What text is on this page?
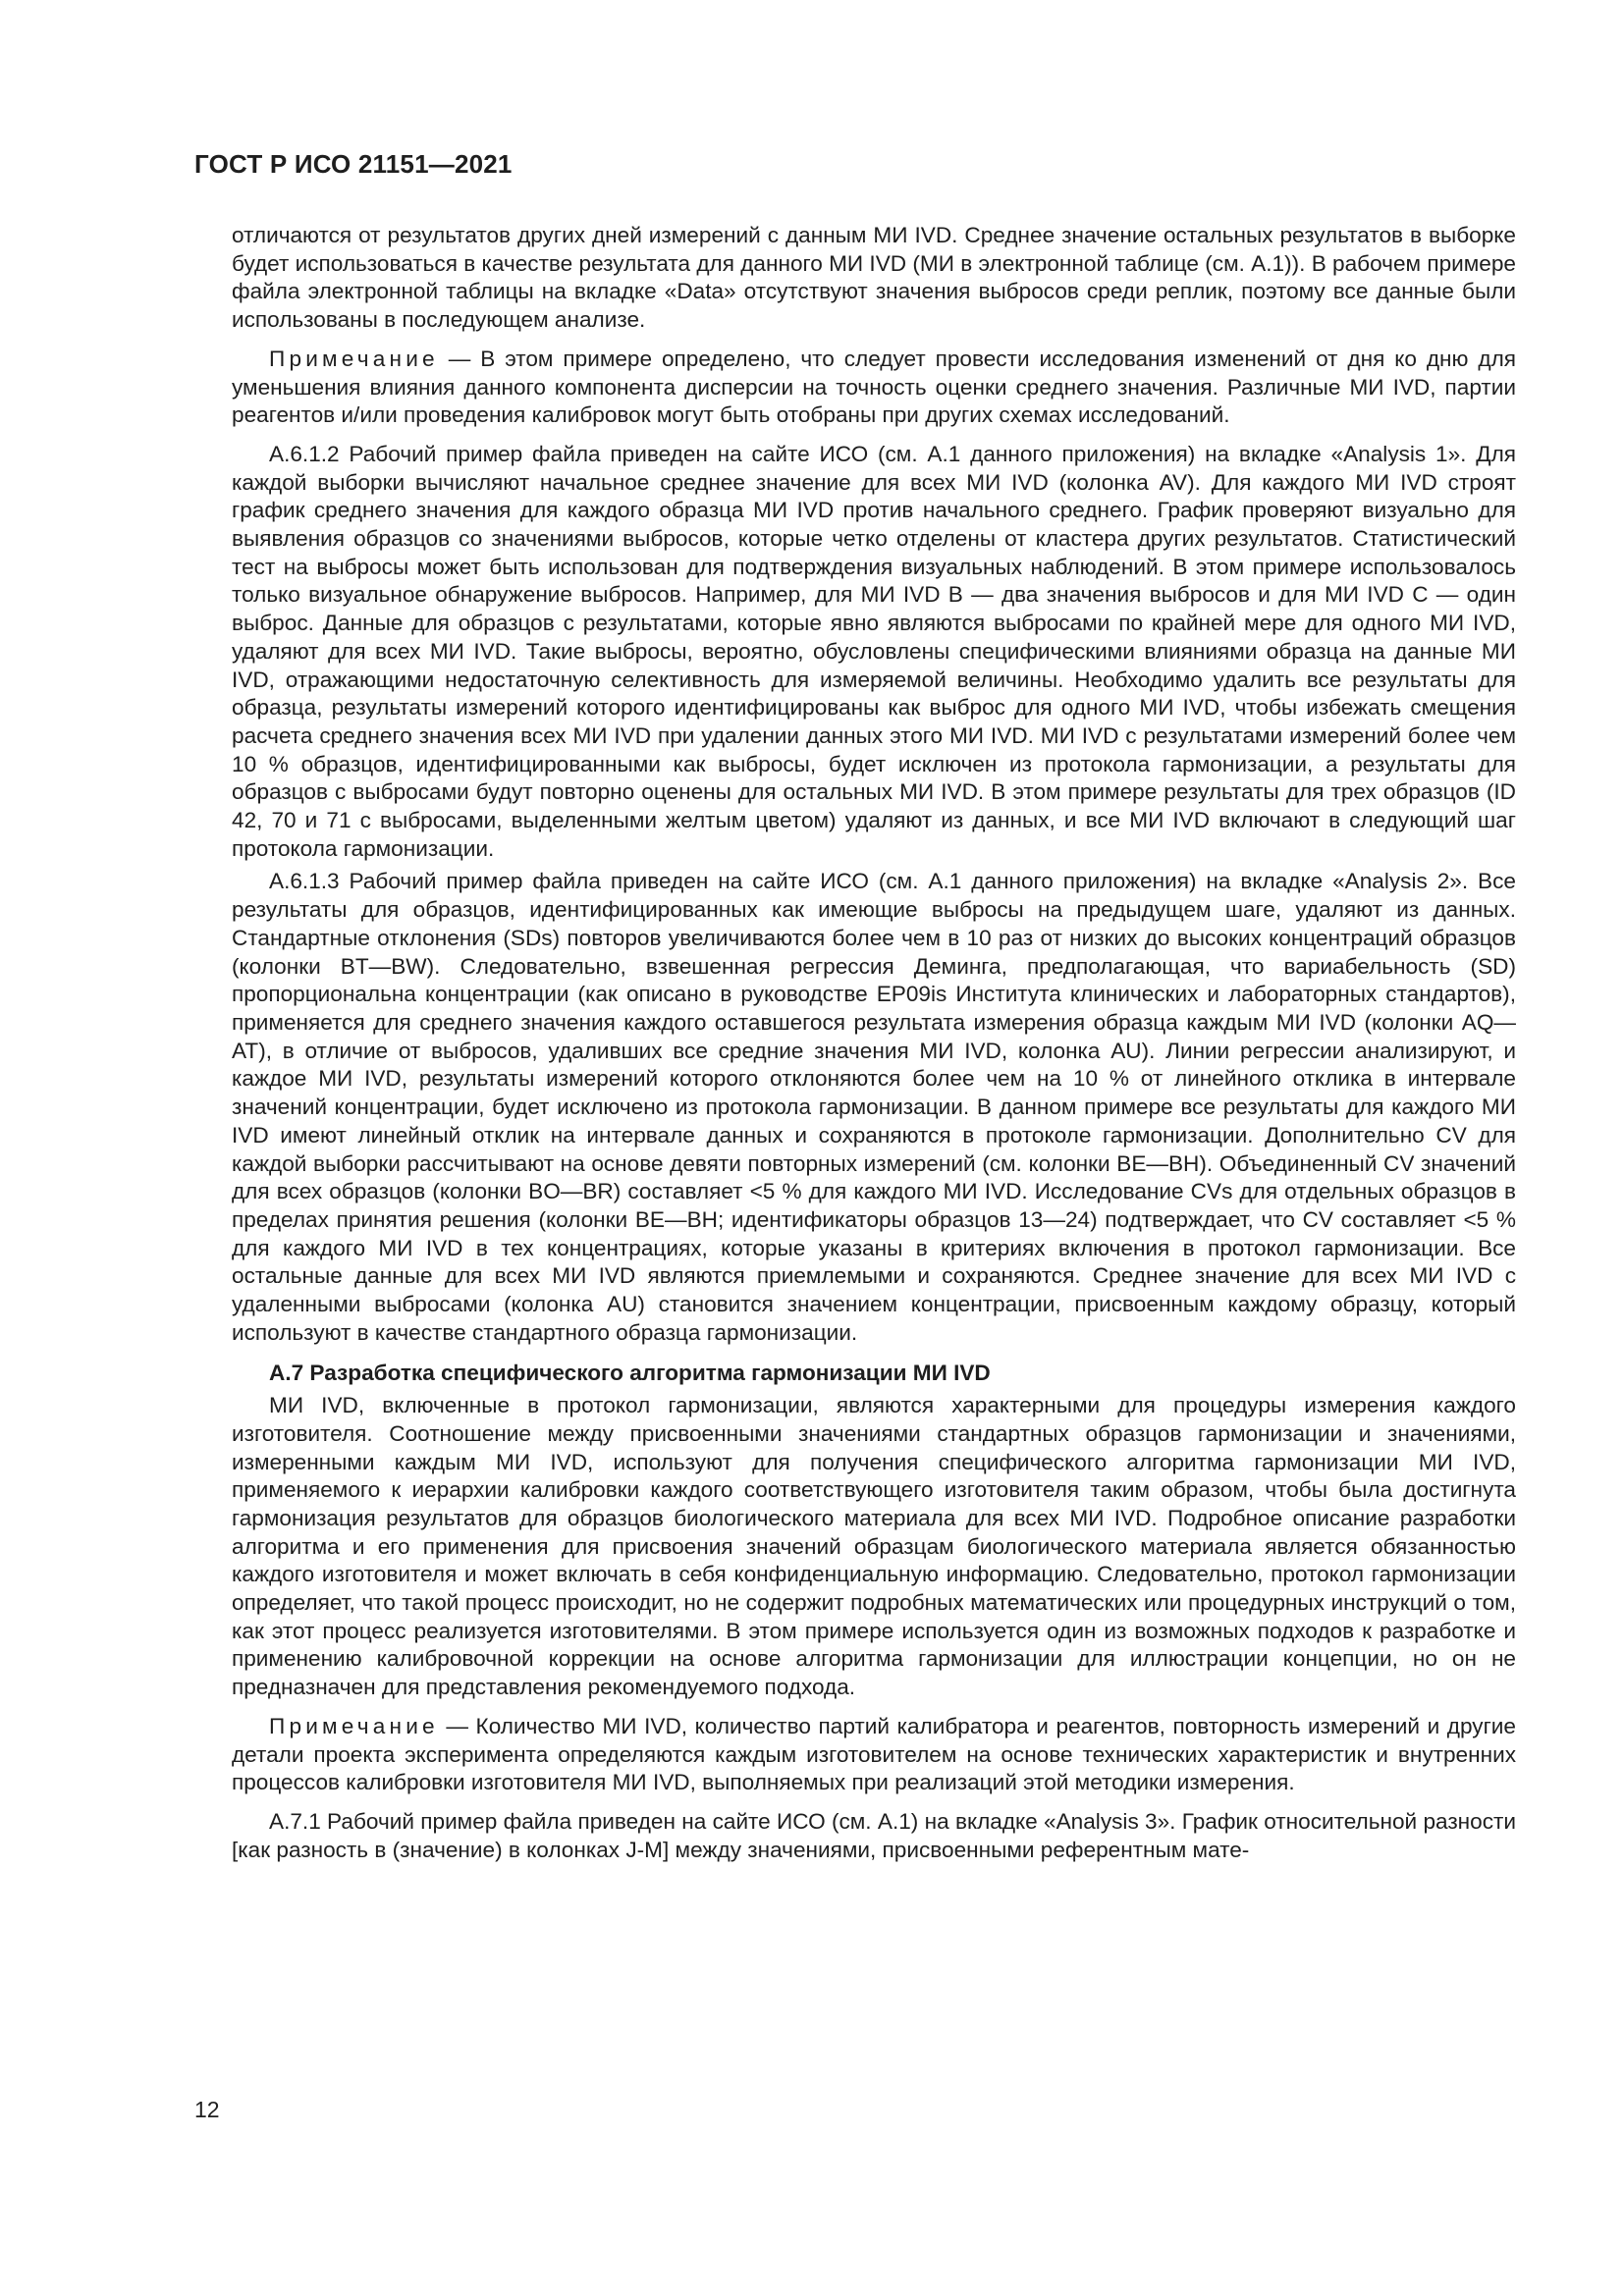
ГОСТ Р ИСО 21151—2021

отличаются от результатов других дней измерений с данным МИ IVD. Среднее значение остальных результатов в выборке будет использоваться в качестве результата для данного МИ IVD (МИ в электронной таблице (см. А.1)). В рабочем примере файла электронной таблицы на вкладке «Data» отсутствуют значения выбросов среди реплик, поэтому все данные были использованы в последующем анализе.

Примечание — В этом примере определено, что следует провести исследования изменений от дня ко дню для уменьшения влияния данного компонента дисперсии на точность оценки среднего значения. Различные МИ IVD, партии реагентов и/или проведения калибровок могут быть отобраны при других схемах исследований.

А.6.1.2 Рабочий пример файла приведен на сайте ИСО (см. А.1 данного приложения) на вкладке «Analysis 1». Для каждой выборки вычисляют начальное среднее значение для всех МИ IVD (колонка AV). Для каждого МИ IVD строят график среднего значения для каждого образца МИ IVD против начального среднего. График проверяют визуально для выявления образцов со значениями выбросов, которые четко отделены от кластера других результатов. Статистический тест на выбросы может быть использован для подтверждения визуальных наблюдений. В этом примере использовалось только визуальное обнаружение выбросов. Например, для МИ IVD B — два значения выбросов и для МИ IVD C — один выброс. Данные для образцов с результатами, которые явно являются выбросами по крайней мере для одного МИ IVD, удаляют для всех МИ IVD. Такие выбросы, вероятно, обусловлены специфическими влияниями образца на данные МИ IVD, отражающими недостаточную селективность для измеряемой величины. Необходимо удалить все результаты для образца, результаты измерений которого идентифицированы как выброс для одного МИ IVD, чтобы избежать смещения расчета среднего значения всех МИ IVD при удалении данных этого МИ IVD. МИ IVD с результатами измерений более чем 10 % образцов, идентифицированными как выбросы, будет исключен из протокола гармонизации, а результаты для образцов с выбросами будут повторно оценены для остальных МИ IVD. В этом примере результаты для трех образцов (ID 42, 70 и 71 с выбросами, выделенными желтым цветом) удаляют из данных, и все МИ IVD включают в следующий шаг протокола гармонизации.

А.6.1.3 Рабочий пример файла приведен на сайте ИСО (см. А.1 данного приложения) на вкладке «Analysis 2». Все результаты для образцов, идентифицированных как имеющие выбросы на предыдущем шаге, удаляют из данных. Стандартные отклонения (SDs) повторов увеличиваются более чем в 10 раз от низких до высоких концентраций образцов (колонки BT—BW). Следовательно, взвешенная регрессия Деминга, предполагающая, что вариабельность (SD) пропорциональна концентрации (как описано в руководстве EP09is Института клинических и лабораторных стандартов), применяется для среднего значения каждого оставшегося результата измерения образца каждым МИ IVD (колонки AQ—AT), в отличие от выбросов, удаливших все средние значения МИ IVD, колонка AU). Линии регрессии анализируют, и каждое МИ IVD, результаты измерений которого отклоняются более чем на 10 % от линейного отклика в интервале значений концентрации, будет исключено из протокола гармонизации. В данном примере все результаты для каждого МИ IVD имеют линейный отклик на интервале данных и сохраняются в протоколе гармонизации. Дополнительно CV для каждой выборки рассчитывают на основе девяти повторных измерений (см. колонки BE—BH). Объединенный CV значений для всех образцов (колонки BO—BR) составляет <5 % для каждого МИ IVD. Исследование CVs для отдельных образцов в пределах принятия решения (колонки BE—BH; идентификаторы образцов 13—24) подтверждает, что CV составляет <5 % для каждого МИ IVD в тех концентрациях, которые указаны в критериях включения в протокол гармонизации. Все остальные данные для всех МИ IVD являются приемлемыми и сохраняются. Среднее значение для всех МИ IVD с удаленными выбросами (колонка AU) становится значением концентрации, присвоенным каждому образцу, который используют в качестве стандартного образца гармонизации.

А.7 Разработка специфического алгоритма гармонизации МИ IVD

МИ IVD, включенные в протокол гармонизации, являются характерными для процедуры измерения каждого изготовителя. Соотношение между присвоенными значениями стандартных образцов гармонизации и значениями, измеренными каждым МИ IVD, используют для получения специфического алгоритма гармонизации МИ IVD, применяемого к иерархии калибровки каждого соответствующего изготовителя таким образом, чтобы была достигнута гармонизация результатов для образцов биологического материала для всех МИ IVD. Подробное описание разработки алгоритма и его применения для присвоения значений образцам биологического материала является обязанностью каждого изготовителя и может включать в себя конфиденциальную информацию. Следовательно, протокол гармонизации определяет, что такой процесс происходит, но не содержит подробных математических или процедурных инструкций о том, как этот процесс реализуется изготовителями. В этом примере используется один из возможных подходов к разработке и применению калибровочной коррекции на основе алгоритма гармонизации для иллюстрации концепции, но он не предназначен для представления рекомендуемого подхода.

Примечание — Количество МИ IVD, количество партий калибратора и реагентов, повторность измерений и другие детали проекта эксперимента определяются каждым изготовителем на основе технических характеристик и внутренних процессов калибровки изготовителя МИ IVD, выполняемых при реализаций этой методики измерения.

А.7.1 Рабочий пример файла приведен на сайте ИСО (см. А.1) на вкладке «Analysis 3». График относительной разности [как разность в (значение) в колонках J-M] между значениями, присвоенными референтным мате-

12
